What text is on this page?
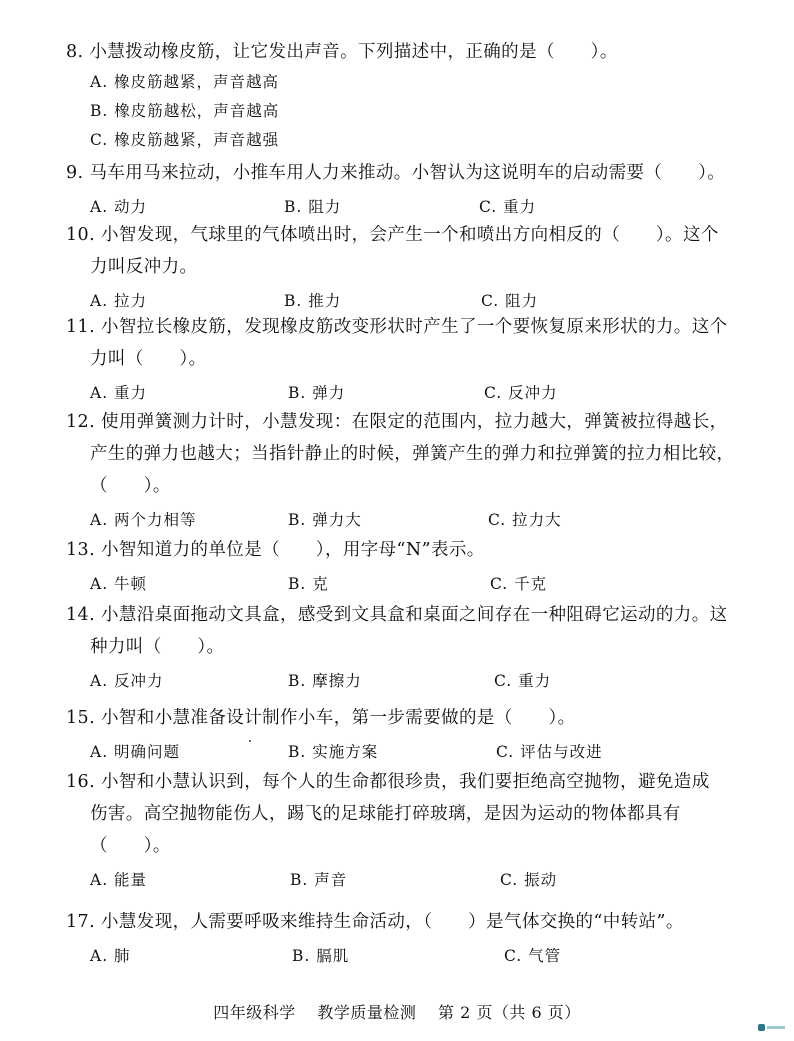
8. 小慧拨动橡皮筋，让它发出声音。下列描述中，正确的是（　　）。
A. 橡皮筋越紧，声音越高
B. 橡皮筋越松，声音越高
C. 橡皮筋越紧，声音越强
9. 马车用马来拉动，小推车用人力来推动。小智认为这说明车的启动需要（　　）。
A. 动力	B. 阻力	C. 重力
10. 小智发现，气球里的气体喷出时，会产生一个和喷出方向相反的（　　）。这个
力叫反冲力。
A. 拉力	B. 推力	C. 阻力
11. 小智拉长橡皮筋，发现橡皮筋改变形状时产生了一个要恢复原来形状的力。这个
力叫（　　）。
A. 重力	B. 弹力	C. 反冲力
12. 使用弹簧测力计时，小慧发现：在限定的范围内，拉力越大，弹簧被拉得越长，
产生的弹力也越大；当指针静止的时候，弹簧产生的弹力和拉弹簧的拉力相比较，
（　　）。
A. 两个力相等	B. 弹力大	C. 拉力大
13. 小智知道力的单位是（　　），用字母“N”表示。
A. 牛顿	B. 克	C. 千克
14. 小慧沿桌面拖动文具盒，感受到文具盒和桌面之间存在一种阻碍它运动的力。这
种力叫（　　）。
A. 反冲力	B. 摩擦力	C. 重力
15. 小智和小慧准备设计制作小车，第一步需要做的是（　　）。
A. 明确问题	B. 实施方案	C. 评估与改进
16. 小智和小慧认识到，每个人的生命都很珍贵，我们要拒绝高空抛物，避免造成
伤害。高空抛物能伤人，踢飞的足球能打碎玻璃，是因为运动的物体都具有
（　　）。
A. 能量	B. 声音	C. 振动
17. 小慧发现，人需要呼吸来维持生命活动，（　　）是气体交换的“中转站”。
A. 肺	B. 膈肌	C. 气管
四年级科学 教学质量检测 第 2 页（共 6 页）
